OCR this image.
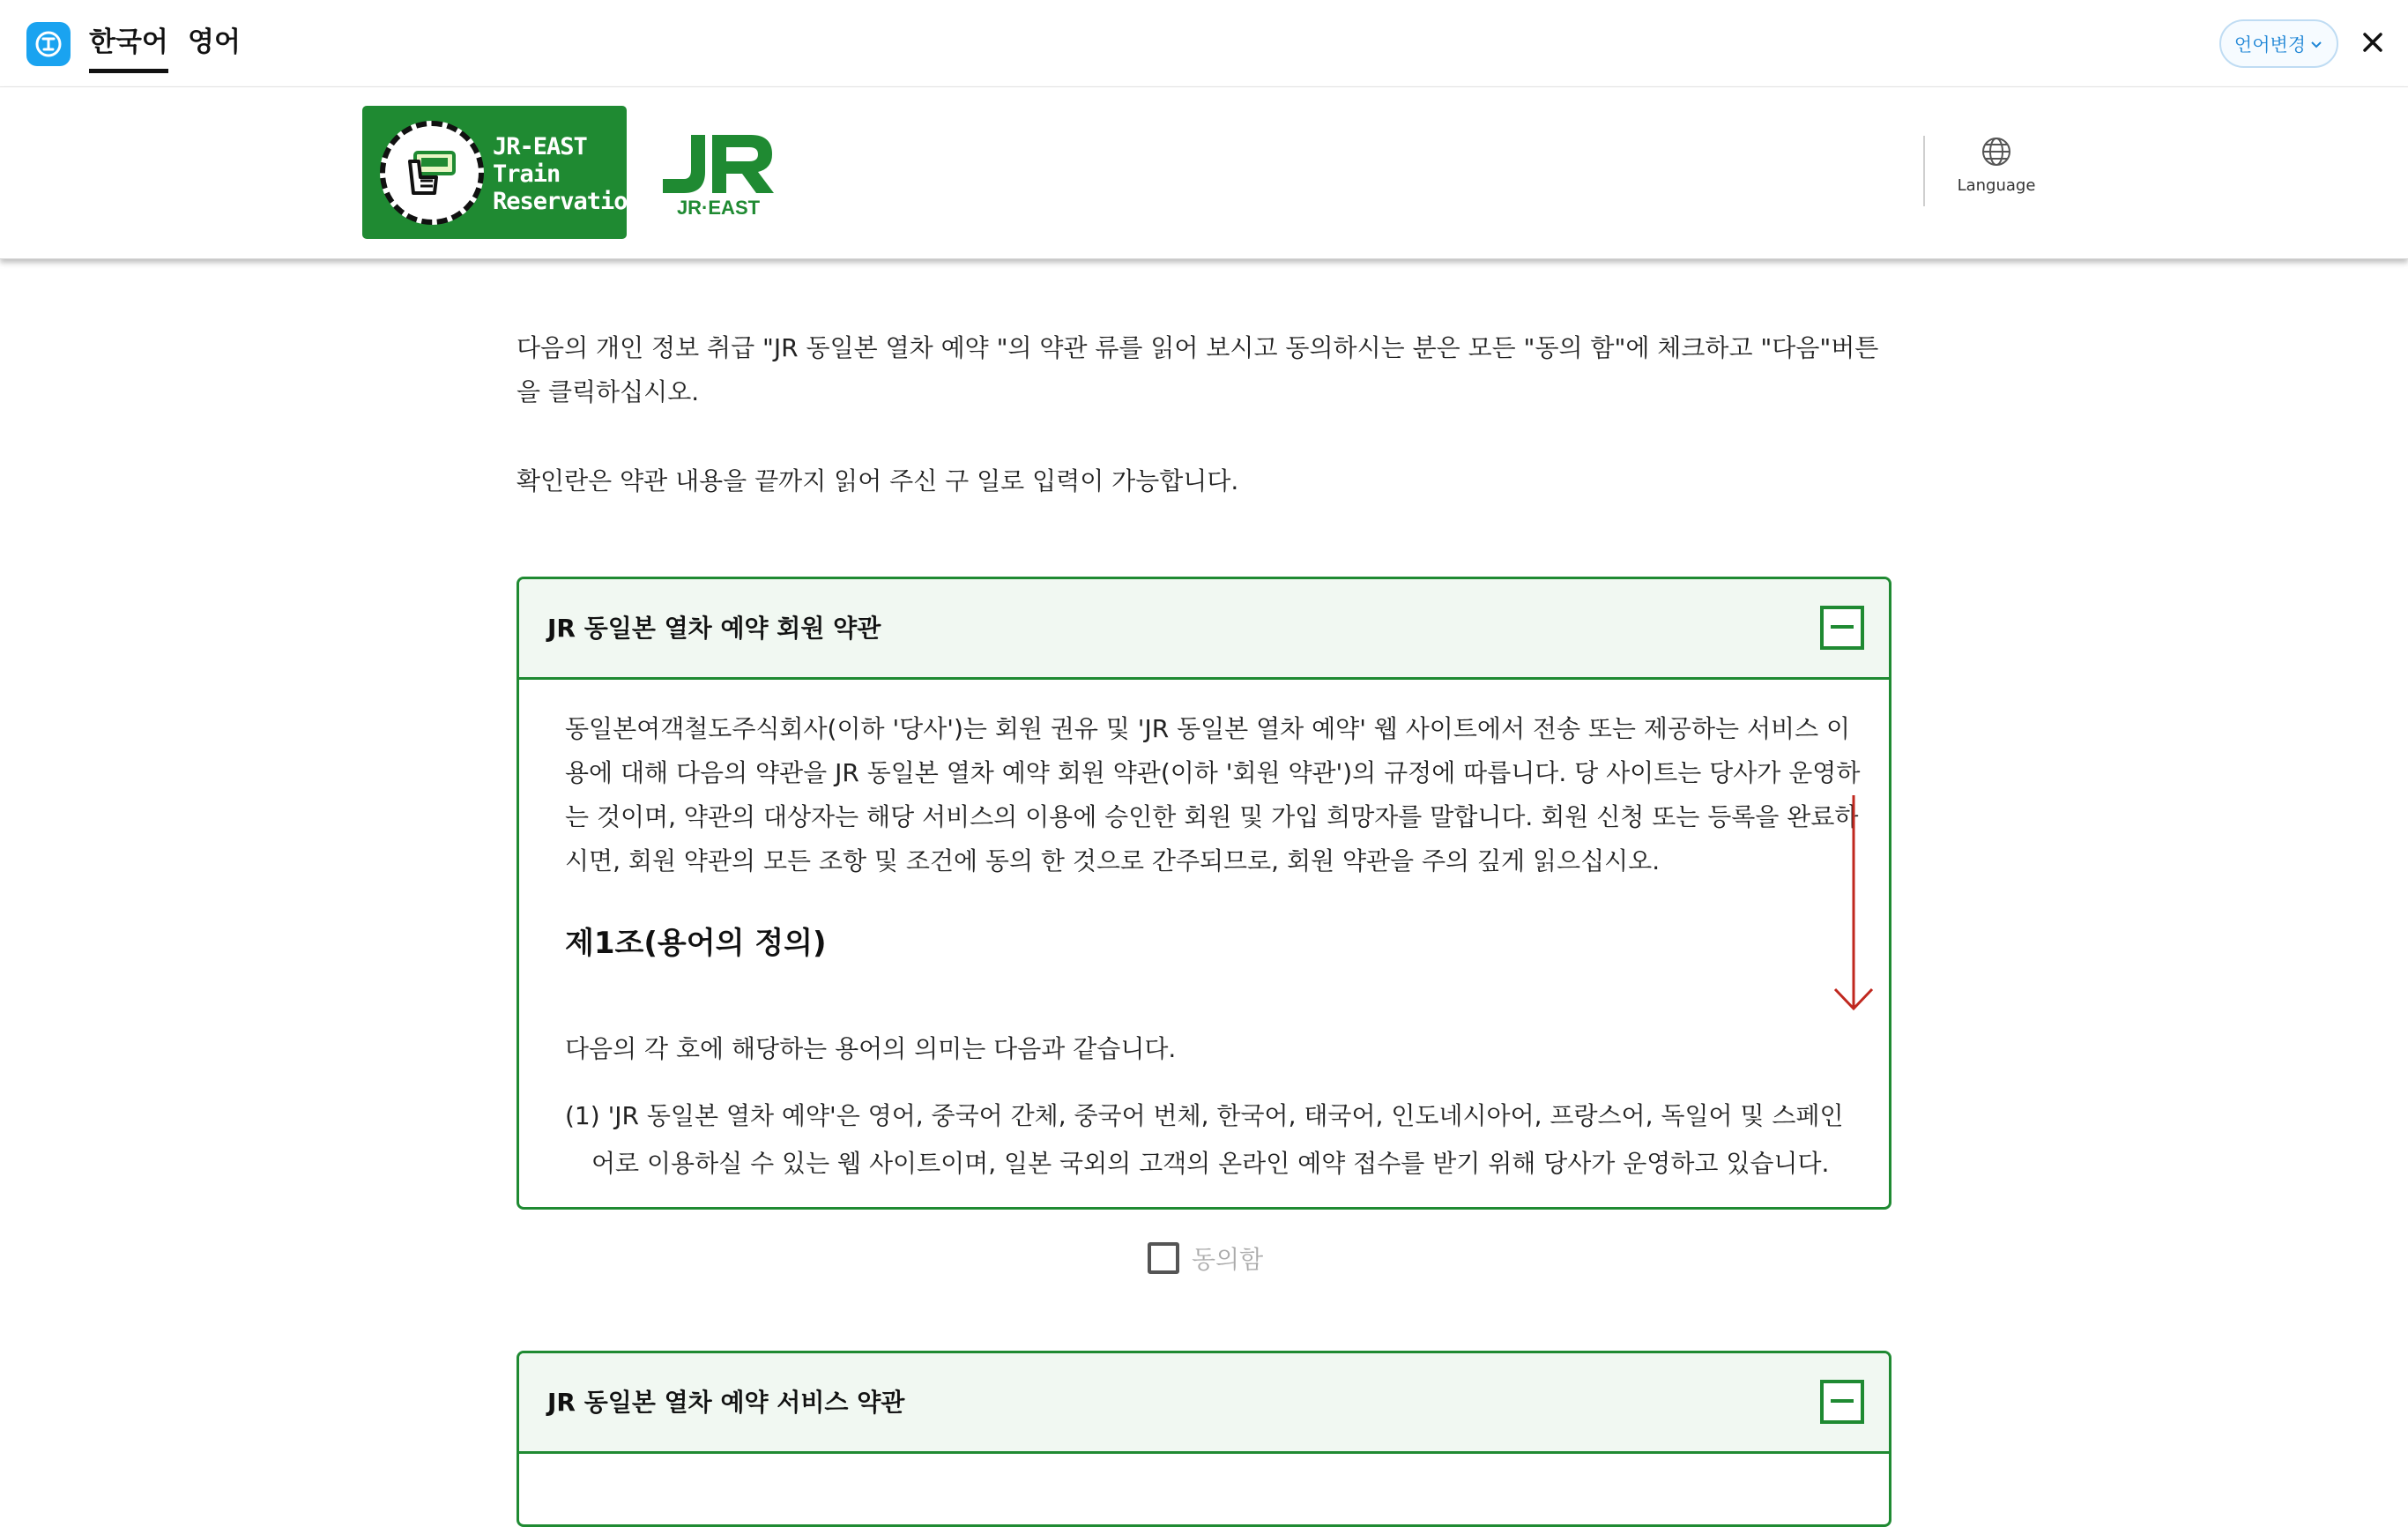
한국어 영어	언어변경
JR-EAST
Train
Reservation JR·EAST
Language

다음의 개인 정보 취급 "JR 동일본 열차 예약 "의 약관 류를 읽어 보시고 동의하시는 분은 모든 "동의 함"에 체크하고 "다음"버튼을 클릭하십시오.

확인란은 약관 내용을 끝까지 읽어 주신 구 일로 입력이 가능합니다.

JR 동일본 열차 예약 회원 약관

동일본여객철도주식회사(이하 '당사')는 회원 권유 및 'JR 동일본 열차 예약' 웹 사이트에서 전송 또는 제공하는 서비스 이용에 대해 다음의 약관을 JR 동일본 열차 예약 회원 약관(이하 '회원 약관')의 규정에 따릅니다. 당 사이트는 당사가 운영하는 것이며, 약관의 대상자는 해당 서비스의 이용에 승인한 회원 및 가입 희망자를 말합니다. 회원 신청 또는 등록을 완료하시면, 회원 약관의 모든 조항 및 조건에 동의 한 것으로 간주되므로, 회원 약관을 주의 깊게 읽으십시오.

제1조(용어의 정의)

다음의 각 호에 해당하는 용어의 의미는 다음과 같습니다.

(1) 'JR 동일본 열차 예약'은 영어, 중국어 간체, 중국어 번체, 한국어, 태국어, 인도네시아어, 프랑스어, 독일어 및 스페인어로 이용하실 수 있는 웹 사이트이며, 일본 국외의 고객의 온라인 예약 접수를 받기 위해 당사가 운영하고 있습니다.

동의함
JR 동일본 열차 예약 서비스 약관
